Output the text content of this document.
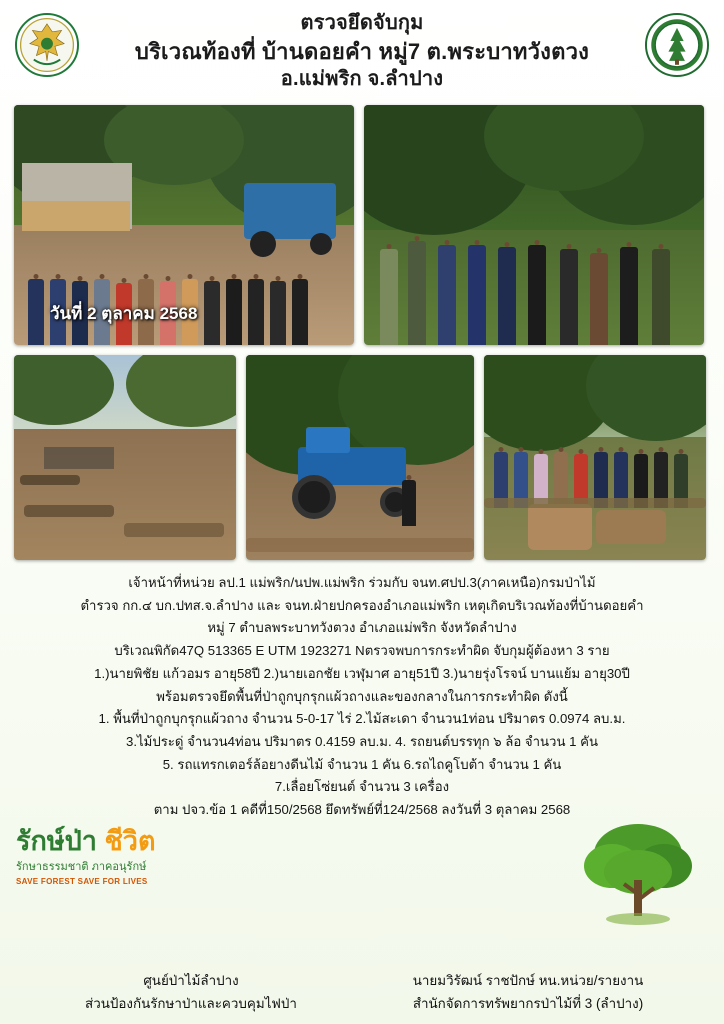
ตรวจยึดจับกุม
บริเวณท้องที่ บ้านดอยคำ หมู่7 ต.พระบาทวังตวง
อ.แม่พริก จ.ลำปาง
วันที่ 2 ตุลาคม 2568

เจ้าหน้าที่หน่วย ลป.1 แม่พริก/นปพ.แม่พริก ร่วมกับ จนท.ศปป.3(ภาคเหนือ)กรมป่าไม้

ตำรวจ กก.๔ บก.ปทส.จ.ลำปาง และ จนท.ฝ่ายปกครองอำเภอแม่พริก เหตุเกิดบริเวณท้องที่บ้านดอยคำ

หมู่ 7 ตำบลพระบาทวังตวง อำเภอแม่พริก จังหวัดลำปาง

บริเวณพิกัด47Q 513365 E UTM 1923271 Nตรวจพบการกระทำผิด จับกุมผู้ต้องหา 3 ราย

1.)นายพิชัย แก้วอมร อายุ58ปี 2.)นายเอกชัย เวฬุมาศ อายุ51ปี 3.)นายรุ่งโรจน์ บานแย้ม อายุ30ปี

พร้อมตรวจยึดพื้นที่ป่าถูกบุกรุกแผ้วถางและของกลางในการกระทำผิด ดังนี้

1. พื้นที่ป่าถูกบุกรุกแผ้วถาง จำนวน 5-0-17 ไร่ 2.ไม้สะเดา จำนวน1ท่อน ปริมาตร 0.0974 ลบ.ม.

3.ไม้ประดู่ จำนวน4ท่อน ปริมาตร 0.4159 ลบ.ม. 4. รถยนต์บรรทุก ๖ ล้อ จำนวน 1 คัน

5. รถแทรกเตอร์ล้อยางดีนไม้ จำนวน 1 คัน 6.รถไถคูโบต้า จำนวน 1 คัน

7.เลื่อยโซ่ยนต์ จำนวน 3 เครื่อง

ตาม ปจว.ข้อ 1 คดีที่150/2568 ยึดทรัพย์ที่124/2568 ลงวันที่ 3 ตุลาคม 2568

รักษ์ป่า ชีวิต
รักษาธรรมชาติ ภาคอนุรักษ์
SAVE FOREST SAVE FOR LIVES
ศูนย์ป่าไม้ลำปาง
ส่วนป้องกันรักษาป่าและควบคุมไฟป่า
นายมวิรัฒน์ ราชปักษ์ หน.หน่วย/รายงาน
สำนักจัดการทรัพยากรป่าไม้ที่ 3 (ลำปาง)
